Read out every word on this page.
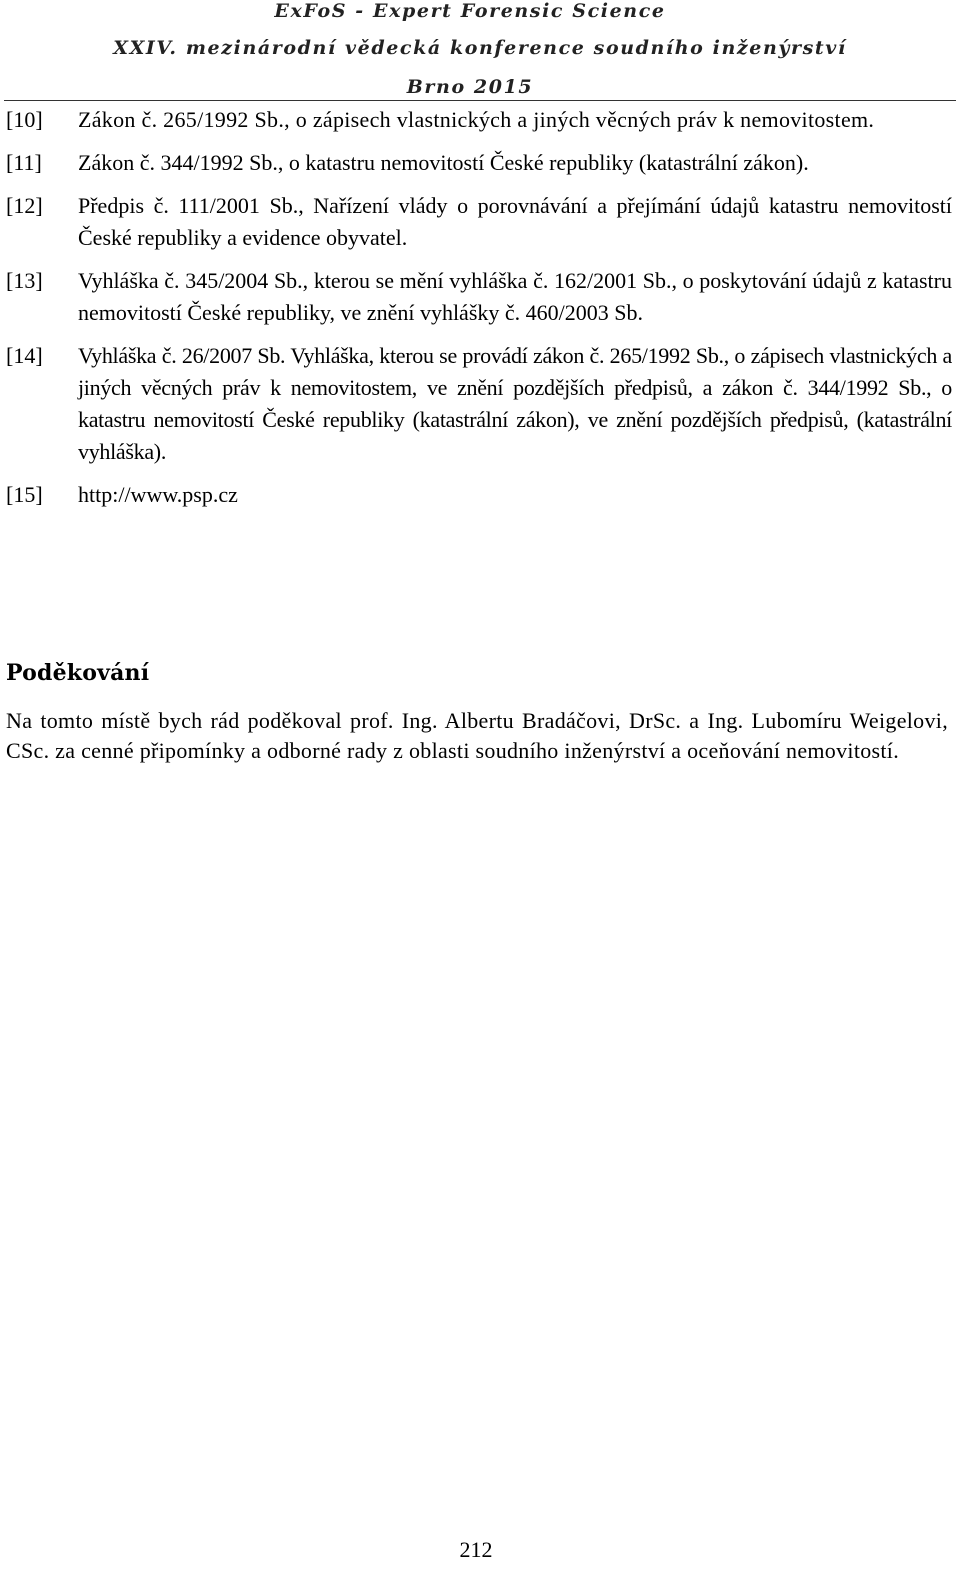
ExFoS - Expert Forensic Science
XXIV. mezinárodní vědecká konference soudního inženýrství
Brno 2015
[10]	Zákon č. 265/1992 Sb., o zápisech vlastnických a jiných věcných práv k nemovitostem.
[11]	Zákon č. 344/1992 Sb., o katastru nemovitostí České republiky (katastrální zákon).
[12]	Předpis č. 111/2001 Sb., Nařízení vlády o porovnávání a přejímání údajů katastru nemovitostí České republiky a evidence obyvatel.
[13]	Vyhláška č. 345/2004 Sb., kterou se mění vyhláška č. 162/2001 Sb., o poskytování údajů z katastru nemovitostí České republiky, ve znění vyhlášky č. 460/2003 Sb.
[14]	Vyhláška č. 26/2007 Sb. Vyhláška, kterou se provádí zákon č. 265/1992 Sb., o zápisech vlastnických a jiných věcných práv k nemovitostem, ve znění pozdějších předpisů, a zákon č. 344/1992 Sb., o katastru nemovitostí České republiky (katastrální zákon), ve znění pozdějších předpisů, (katastrální vyhláška).
[15]	http://www.psp.cz
Poděkování
Na tomto místě bych rád poděkoval prof. Ing. Albertu Bradáčovi, DrSc. a Ing. Lubomíru Weigelovi, CSc. za cenné připomínky a odborné rady z oblasti soudního inženýrství a oceňování nemovitostí.
212
